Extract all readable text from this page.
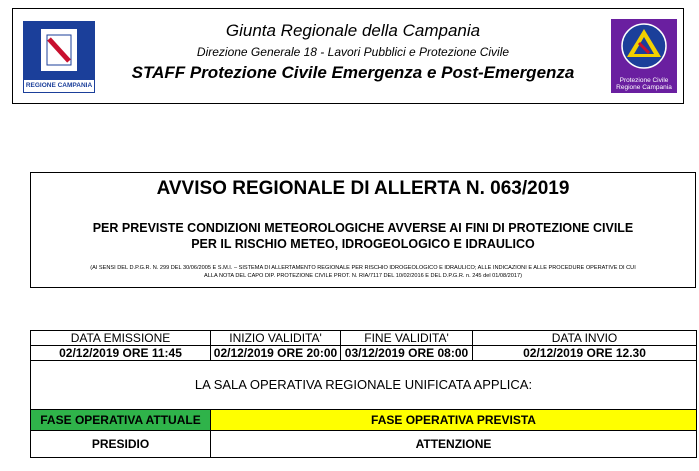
REGIONE CAMPANIA
Giunta Regionale della Campania
Direzione Generale 18 - Lavori Pubblici e Protezione Civile
STAFF Protezione Civile Emergenza e Post-Emergenza	Protezione Civile
Regione Campania
AVVISO REGIONALE DI ALLERTA N. 063/2019
PER PREVISTE CONDIZIONI METEOROLOGICHE AVVERSE AI FINI DI PROTEZIONE CIVILE
PER IL RISCHIO METEO, IDROGEOLOGICO E IDRAULICO
(AI SENSI DEL D.P.G.R. N. 299 DEL 30/06/2005 E S.M.I. – SISTEMA DI ALLERTAMENTO REGIONALE PER RISCHIO IDROGEOLOGICO E IDRAULICO; ALLE INDICAZIONI E ALLE PROCEDURE OPERATIVE DI CUI
ALLA NOTA DEL CAPO DIP. PROTEZIONE CIVILE PROT. N. RIA/7117 DEL 10/02/2016 E DEL D.P.G.R. n. 245 del 01/08/2017)
DATA EMISSIONE	INIZIO VALIDITA'	FINE VALIDITA'	DATA INVIO
02/12/2019 ORE 11:45	02/12/2019 ORE 20:00	03/12/2019 ORE 08:00	02/12/2019 ORE 12.30
LA SALA OPERATIVA REGIONALE UNIFICATA APPLICA:			
FASE OPERATIVA ATTUALE	FASE OPERATIVA PREVISTA		
PRESIDIO	ATTENZIONE		
